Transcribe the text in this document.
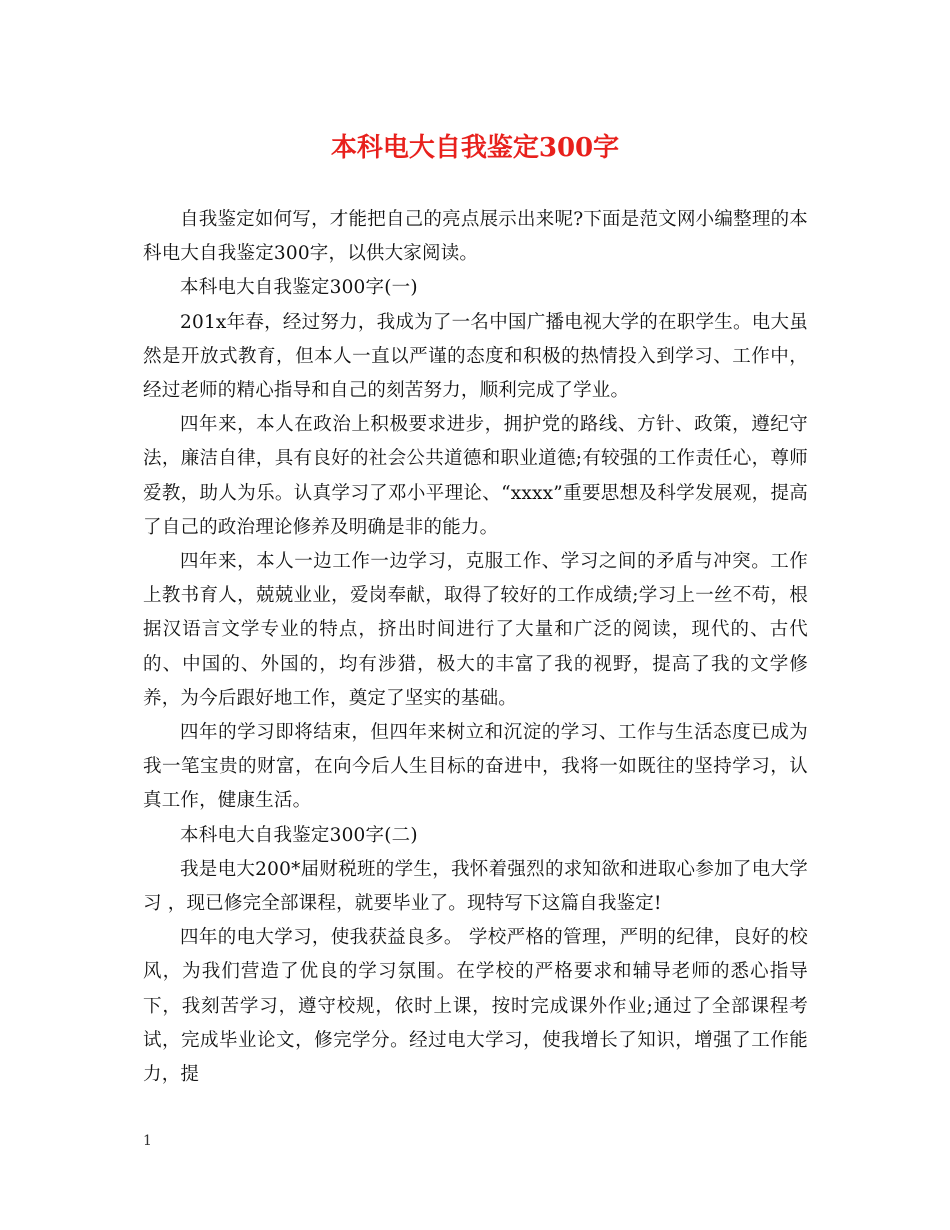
本科电大自我鉴定300字

自我鉴定如何写，才能把自己的亮点展示出来呢?下面是范文网小编整理的本科电大自我鉴定300字，以供大家阅读。

本科电大自我鉴定300字(一)

201x年春，经过努力，我成为了一名中国广播电视大学的在职学生。电大虽然是开放式教育，但本人一直以严谨的态度和积极的热情投入到学习、工作中，经过老师的精心指导和自己的刻苦努力，顺利完成了学业。

四年来，本人在政治上积极要求进步，拥护党的路线、方针、政策，遵纪守法，廉洁自律，具有良好的社会公共道德和职业道德;有较强的工作责任心，尊师爱教，助人为乐。认真学习了邓小平理论、“xxxx”重要思想及科学发展观，提高了自己的政治理论修养及明确是非的能力。

四年来，本人一边工作一边学习，克服工作、学习之间的矛盾与冲突。工作上教书育人，兢兢业业，爱岗奉献，取得了较好的工作成绩;学习上一丝不苟，根据汉语言文学专业的特点，挤出时间进行了大量和广泛的阅读，现代的、古代的、中国的、外国的，均有涉猎，极大的丰富了我的视野，提高了我的文学修养，为今后跟好地工作，奠定了坚实的基础。

四年的学习即将结束，但四年来树立和沉淀的学习、工作与生活态度已成为我一笔宝贵的财富，在向今后人生目标的奋进中，我将一如既往的坚持学习，认真工作，健康生活。

本科电大自我鉴定300字(二)

我是电大200*届财税班的学生，我怀着强烈的求知欲和进取心参加了电大学习 ，现已修完全部课程，就要毕业了。现特写下这篇自我鉴定!

四年的电大学习，使我获益良多。 学校严格的管理，严明的纪律，良好的校风，为我们营造了优良的学习氛围。在学校的严格要求和辅导老师的悉心指导下，我刻苦学习，遵守校规，依时上课，按时完成课外作业;通过了全部课程考试，完成毕业论文，修完学分。经过电大学习，使我增长了知识，增强了工作能力，提

1
